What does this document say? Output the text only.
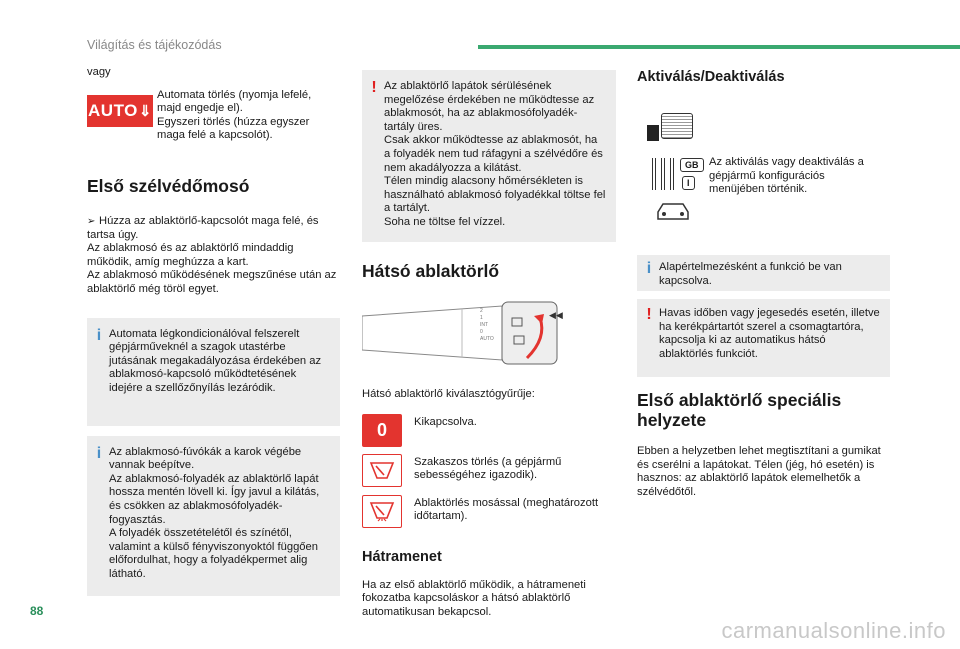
Világítás és tájékozódás
vagy
AUTO ⇓
Automata törlés (nyomja lefelé, majd engedje el).
Egyszeri törlés (húzza egyszer maga felé a kapcsolót).
Első szélvédőmosó
➢ Húzza az ablaktörlő-kapcsolót maga felé, és tartsa úgy.
Az ablakmosó és az ablaktörlő mindaddig működik, amíg meghúzza a kart.
Az ablakmosó működésének megszűnése után az ablaktörlő még töröl egyet.
i Automata légkondicionálóval felszerelt gépjárműveknél a szagok utastérbe jutásának megakadályozása érdekében az ablakmosó-kapcsoló működtetésének idejére a szellőzőnyílás lezáródik.
i Az ablakmosó-fúvókák a karok végébe vannak beépítve.
Az ablakmosó-folyadék az ablaktörlő lapát hossza mentén lövell ki. Így javul a kilátás, és csökken az ablakmosófolyadék-fogyasztás.
A folyadék összetételétől és színétől, valamint a külső fényviszonyoktól függően előfordulhat, hogy a folyadékpermet alig látható.
! Az ablaktörlő lapátok sérülésének megelőzése érdekében ne működtesse az ablakmosót, ha az ablakmosófolyadék-tartály üres.
Csak akkor működtesse az ablakmosót, ha a folyadék nem tud ráfagyni a szélvédőre és nem akadályozza a kilátást.
Télen mindig alacsony hőmérsékleten is használható ablakmosó folyadékkal töltse fel a tartályt.
Soha ne töltse fel vízzel.
Hátsó ablaktörlő
◀◀
2
1
INT
0
AUTO
Hátsó ablaktörlő kiválasztógyűrűje:
0 Kikapcsolva.
Szakaszos törlés (a gépjármű sebességéhez igazodik).
Ablaktörlés mosással (meghatározott időtartam).
Hátramenet
Ha az első ablaktörlő működik, a hátrameneti fokozatba kapcsoláskor a hátsó ablaktörlő automatikusan bekapcsol.
Aktiválás/Deaktiválás
GB
I
Az aktiválás vagy deaktiválás a gépjármű konfigurációs menüjében történik.
i Alapértelmezésként a funkció be van kapcsolva.
! Havas időben vagy jegesedés esetén, illetve ha kerékpártartót szerel a csomagtartóra, kapcsolja ki az automatikus hátsó ablaktörlés funkciót.
Első ablaktörlő speciális helyzete
Ebben a helyzetben lehet megtisztítani a gumikat és cserélni a lapátokat. Télen (jég, hó esetén) is hasznos: az ablaktörlő lapátok elemelhetők a szélvédőtől.
88
carmanualsonline.info
